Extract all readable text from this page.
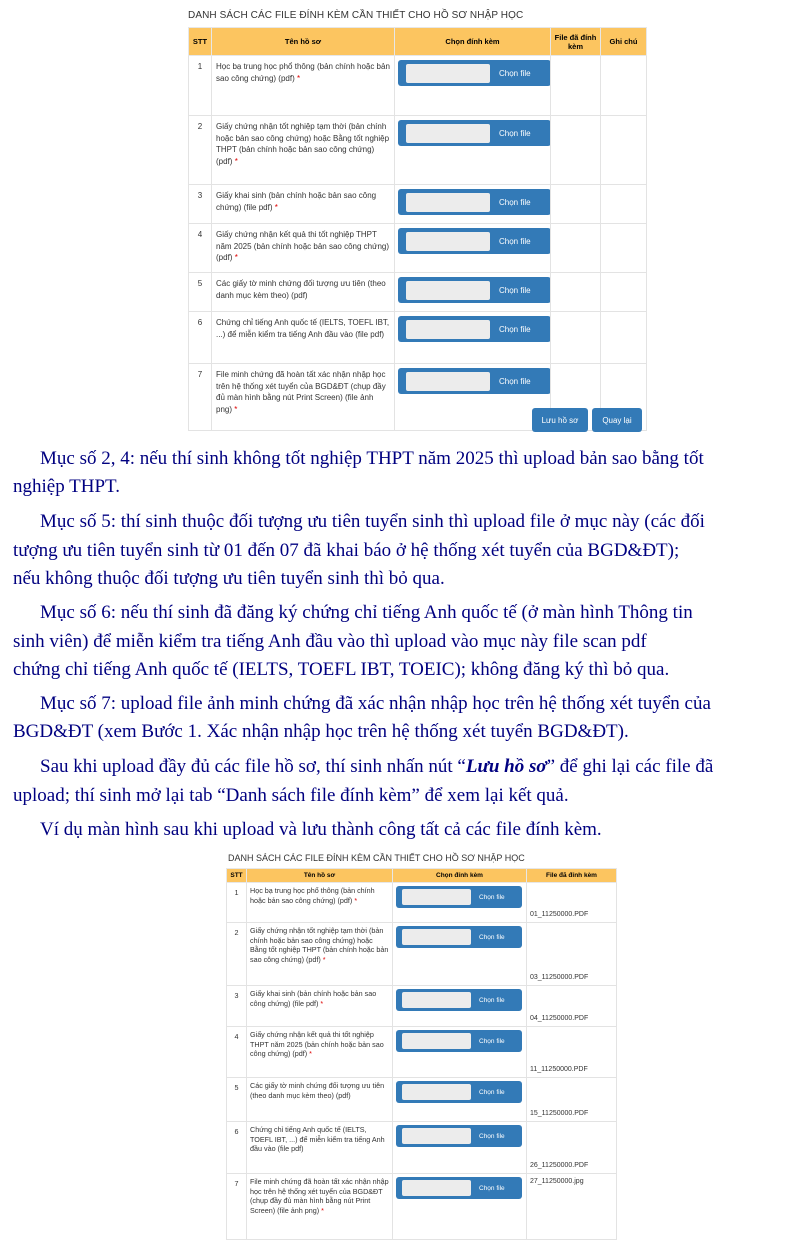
DANH SÁCH CÁC FILE ĐÍNH KÈM CẦN THIẾT CHO HỒ SƠ NHẬP HỌC
STT	Tên hồ sơ	Chọn đính kèm	File đã đính kèm	Ghi chú
1	Học bạ trung học phổ thông (bản chính hoặc bản sao công chứng) (pdf) *	Chọn file		

2	Giấy chứng nhận tốt nghiệp tạm thời (bản chính hoặc bản sao công chứng) hoặc Bằng tốt nghiệp THPT (bản chính hoặc bản sao công chứng) (pdf) *	Chọn file		

3	Giấy khai sinh (bản chính hoặc bản sao công chứng) (file pdf) *	Chọn file		

4	Giấy chứng nhận kết quả thi tốt nghiệp THPT năm 2025 (bản chính hoặc bản sao công chứng) (pdf) *	Chọn file		

5	Các giấy tờ minh chứng đối tượng ưu tiên (theo danh mục kèm theo) (pdf)	Chọn file		

6	Chứng chỉ tiếng Anh quốc tế (IELTS, TOEFL IBT, ...) để miễn kiểm tra tiếng Anh đầu vào (file pdf)	Chọn file		

7	File minh chứng đã hoàn tất xác nhận nhập học trên hệ thống xét tuyển của BGD&ĐT (chụp đầy đủ màn hình bằng nút Print Screen) (file ảnh png) *	Chọn file		

Lưu hồ sơ	Quay lại
Mục số 2, 4: nếu thí sinh không tốt nghiệp THPT năm 2025 thì upload bản sao bằng tốt
nghiệp THPT.
Mục số 5: thí sinh thuộc đối tượng ưu tiên tuyển sinh thì upload file ở mục này (các đối
tượng ưu tiên tuyển sinh từ 01 đến 07 đã khai báo ở hệ thống xét tuyển của BGD&ĐT);
nếu không thuộc đối tượng ưu tiên tuyển sinh thì bỏ qua.
Mục số 6: nếu thí sinh đã đăng ký chứng chỉ tiếng Anh quốc tế (ở màn hình Thông tin
sinh viên) để miễn kiểm tra tiếng Anh đầu vào thì upload vào mục này file scan pdf
chứng chỉ tiếng Anh quốc tế (IELTS, TOEFL IBT, TOEIC); không đăng ký thì bỏ qua.
Mục số 7: upload file ảnh minh chứng đã xác nhận nhập học trên hệ thống xét tuyển của
BGD&ĐT (xem Bước 1. Xác nhận nhập học trên hệ thống xét tuyển BGD&ĐT).
Sau khi upload đầy đủ các file hồ sơ, thí sinh nhấn nút “Lưu hồ sơ” để ghi lại các file đã
upload; thí sinh mở lại tab “Danh sách file đính kèm” để xem lại kết quả.
Ví dụ màn hình sau khi upload và lưu thành công tất cả các file đính kèm.
DANH SÁCH CÁC FILE ĐÍNH KÈM CẦN THIẾT CHO HỒ SƠ NHẬP HỌC
STT	Tên hồ sơ	Chọn đính kèm	File đã đính kèm
1	Học bạ trung học phổ thông (bản chính hoặc bản sao công chứng) (pdf) *	Chọn file	01_11250000.PDF
2	Giấy chứng nhận tốt nghiệp tạm thời (bản chính hoặc bản sao công chứng) hoặc Bằng tốt nghiệp THPT (bản chính hoặc bản sao công chứng) (pdf) *	Chọn file	03_11250000.PDF
3	Giấy khai sinh (bản chính hoặc bản sao công chứng) (file pdf) *	Chọn file	04_11250000.PDF
4	Giấy chứng nhận kết quả thi tốt nghiệp THPT năm 2025 (bản chính hoặc bản sao công chứng) (pdf) *	Chọn file	11_11250000.PDF
5	Các giấy tờ minh chứng đối tượng ưu tiên (theo danh mục kèm theo) (pdf)	Chọn file	15_11250000.PDF
6	Chứng chỉ tiếng Anh quốc tế (IELTS, TOEFL IBT, ...) để miễn kiểm tra tiếng Anh đầu vào (file pdf)	Chọn file	26_11250000.PDF
7	File minh chứng đã hoàn tất xác nhận nhập học trên hệ thống xét tuyển của BGD&ĐT (chụp đầy đủ màn hình bằng nút Print Screen) (file ảnh png) *	Chọn file	27_11250000.jpg
